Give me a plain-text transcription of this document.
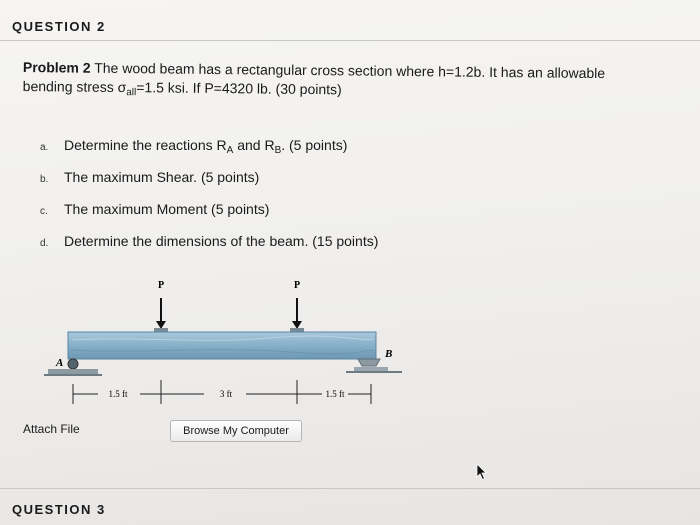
QUESTION 2
Problem 2 The wood beam has a rectangular cross section where h=1.2b. It has an allowable
bending stress $\sigma_{all}=1.5$ ksi. If P=4320 lb. (30 points)
a.	Determine the reactions $R_A$ and $R_B$. (5 points)
b.	The maximum Shear. (5 points)
c.	The maximum Moment (5 points)
d.	Determine the dimensions of the beam. (15 points)
P	P
A
B
1.5 ft	3 ft	1.5 ft
Attach File	Browse My Computer
QUESTION 3
